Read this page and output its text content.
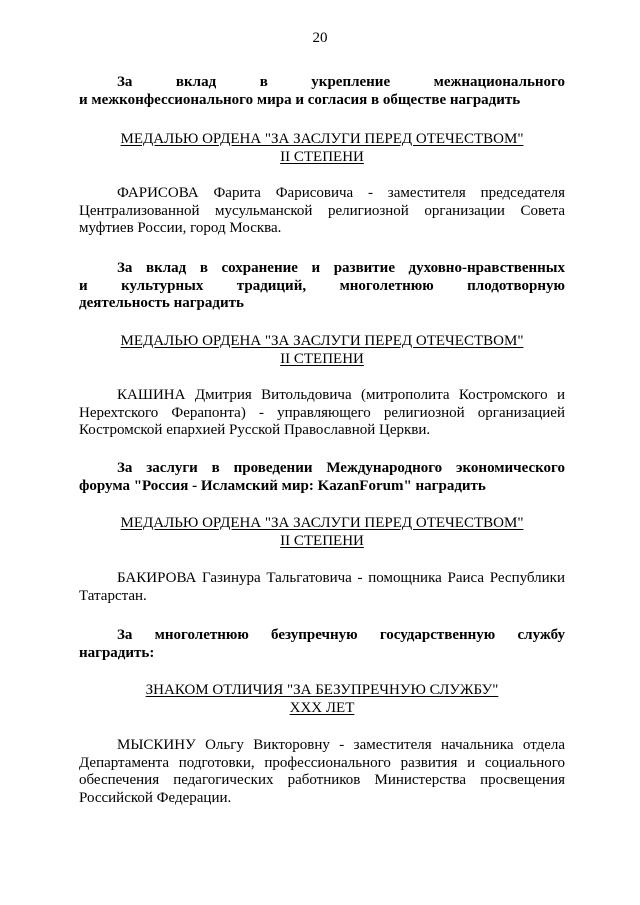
20
За вклад в укрепление межнационального
и межконфессионального мира и согласия в обществе наградить
МЕДАЛЬЮ ОРДЕНА "ЗА ЗАСЛУГИ ПЕРЕД ОТЕЧЕСТВОМ"
II СТЕПЕНИ

ФАРИСОВА Фарита Фарисовича - заместителя председателя Централизованной мусульманской религиозной организации Совета муфтиев России, город Москва.

За вклад в сохранение и развитие духовно-нравственных
и культурных традиций, многолетнюю плодотворную
деятельность наградить
МЕДАЛЬЮ ОРДЕНА "ЗА ЗАСЛУГИ ПЕРЕД ОТЕЧЕСТВОМ"
II СТЕПЕНИ

КАШИНА Дмитрия Витольдовича (митрополита Костромского и Нерехтского Ферапонта) - управляющего религиозной организацией Костромской епархией Русской Православной Церкви.

За заслуги в проведении Международного экономического
форума "Россия - Исламский мир: KazanForum" наградить
МЕДАЛЬЮ ОРДЕНА "ЗА ЗАСЛУГИ ПЕРЕД ОТЕЧЕСТВОМ"
II СТЕПЕНИ

БАКИРОВА Газинура Тальгатовича - помощника Раиса Республики Татарстан.

За многолетнюю безупречную государственную службу
наградить:
ЗНАКОМ ОТЛИЧИЯ "ЗА БЕЗУПРЕЧНУЮ СЛУЖБУ"
XXX ЛЕТ

МЫСКИНУ Ольгу Викторовну - заместителя начальника отдела Департамента подготовки, профессионального развития и социального обеспечения педагогических работников Министерства просвещения Российской Федерации.
